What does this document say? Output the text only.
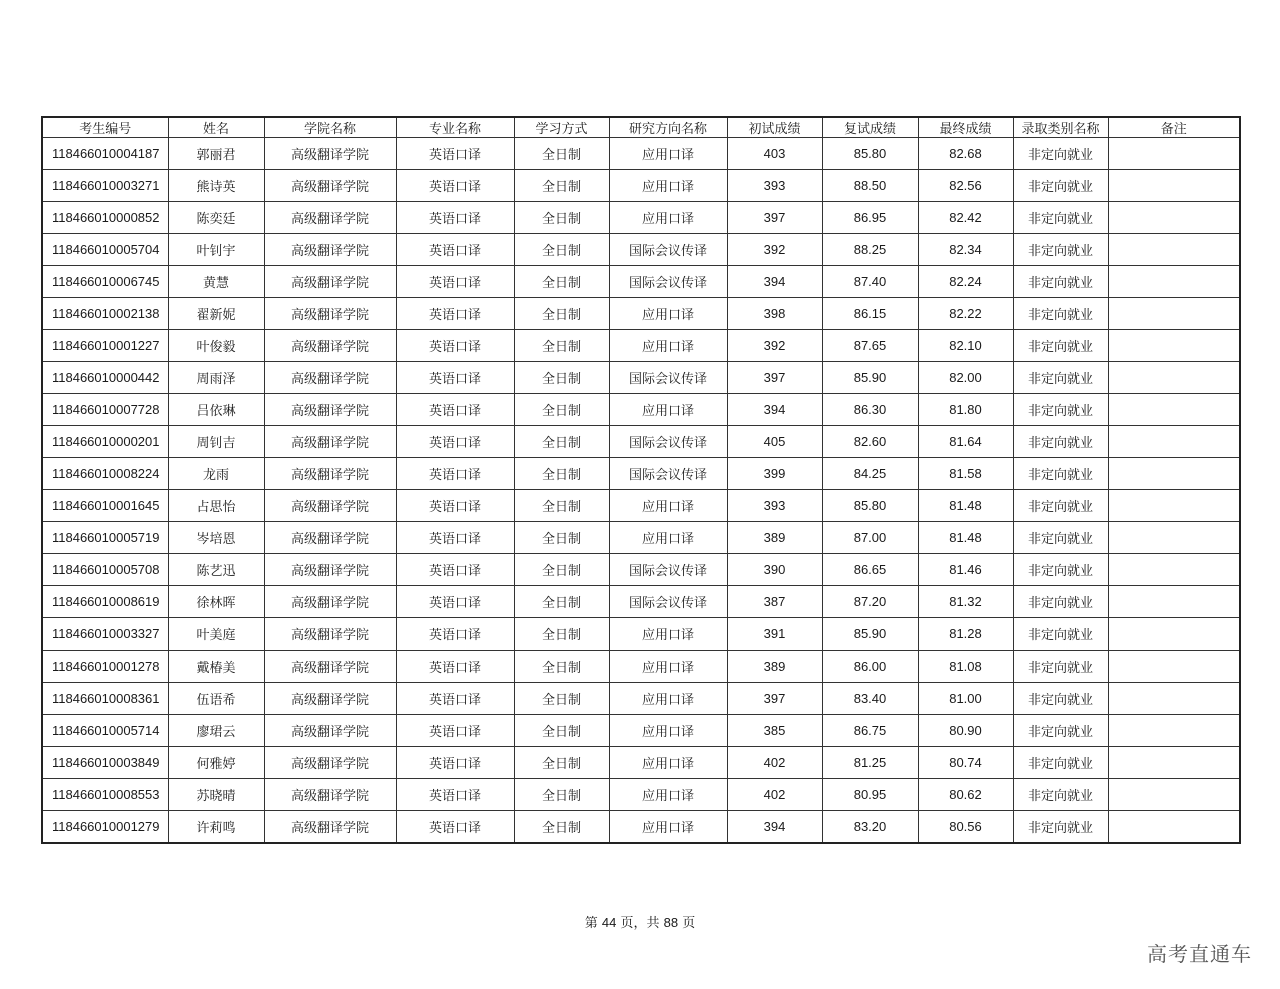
考生编号	姓名	学院名称	专业名称	学习方式	研究方向名称	初试成绩	复试成绩	最终成绩	录取类别名称	备注
118466010004187	郭丽君	高级翻译学院	英语口译	全日制	应用口译	403	85.80	82.68	非定向就业	
118466010003271	熊诗英	高级翻译学院	英语口译	全日制	应用口译	393	88.50	82.56	非定向就业	
118466010000852	陈奕廷	高级翻译学院	英语口译	全日制	应用口译	397	86.95	82.42	非定向就业	
118466010005704	叶钊宇	高级翻译学院	英语口译	全日制	国际会议传译	392	88.25	82.34	非定向就业	
118466010006745	黄慧	高级翻译学院	英语口译	全日制	国际会议传译	394	87.40	82.24	非定向就业	
118466010002138	翟新妮	高级翻译学院	英语口译	全日制	应用口译	398	86.15	82.22	非定向就业	
118466010001227	叶俊毅	高级翻译学院	英语口译	全日制	应用口译	392	87.65	82.10	非定向就业	
118466010000442	周雨泽	高级翻译学院	英语口译	全日制	国际会议传译	397	85.90	82.00	非定向就业	
118466010007728	吕依琳	高级翻译学院	英语口译	全日制	应用口译	394	86.30	81.80	非定向就业	
118466010000201	周钊吉	高级翻译学院	英语口译	全日制	国际会议传译	405	82.60	81.64	非定向就业	
118466010008224	龙雨	高级翻译学院	英语口译	全日制	国际会议传译	399	84.25	81.58	非定向就业	
118466010001645	占思怡	高级翻译学院	英语口译	全日制	应用口译	393	85.80	81.48	非定向就业	
118466010005719	岑培恩	高级翻译学院	英语口译	全日制	应用口译	389	87.00	81.48	非定向就业	
118466010005708	陈艺迅	高级翻译学院	英语口译	全日制	国际会议传译	390	86.65	81.46	非定向就业	
118466010008619	徐林晖	高级翻译学院	英语口译	全日制	国际会议传译	387	87.20	81.32	非定向就业	
118466010003327	叶美庭	高级翻译学院	英语口译	全日制	应用口译	391	85.90	81.28	非定向就业	
118466010001278	戴椿美	高级翻译学院	英语口译	全日制	应用口译	389	86.00	81.08	非定向就业	
118466010008361	伍语希	高级翻译学院	英语口译	全日制	应用口译	397	83.40	81.00	非定向就业	
118466010005714	廖珺云	高级翻译学院	英语口译	全日制	应用口译	385	86.75	80.90	非定向就业	
118466010003849	何雅婷	高级翻译学院	英语口译	全日制	应用口译	402	81.25	80.74	非定向就业	
118466010008553	苏晓晴	高级翻译学院	英语口译	全日制	应用口译	402	80.95	80.62	非定向就业	
118466010001279	许莉鸣	高级翻译学院	英语口译	全日制	应用口译	394	83.20	80.56	非定向就业	
第 44 页，共 88 页
高考直通车
